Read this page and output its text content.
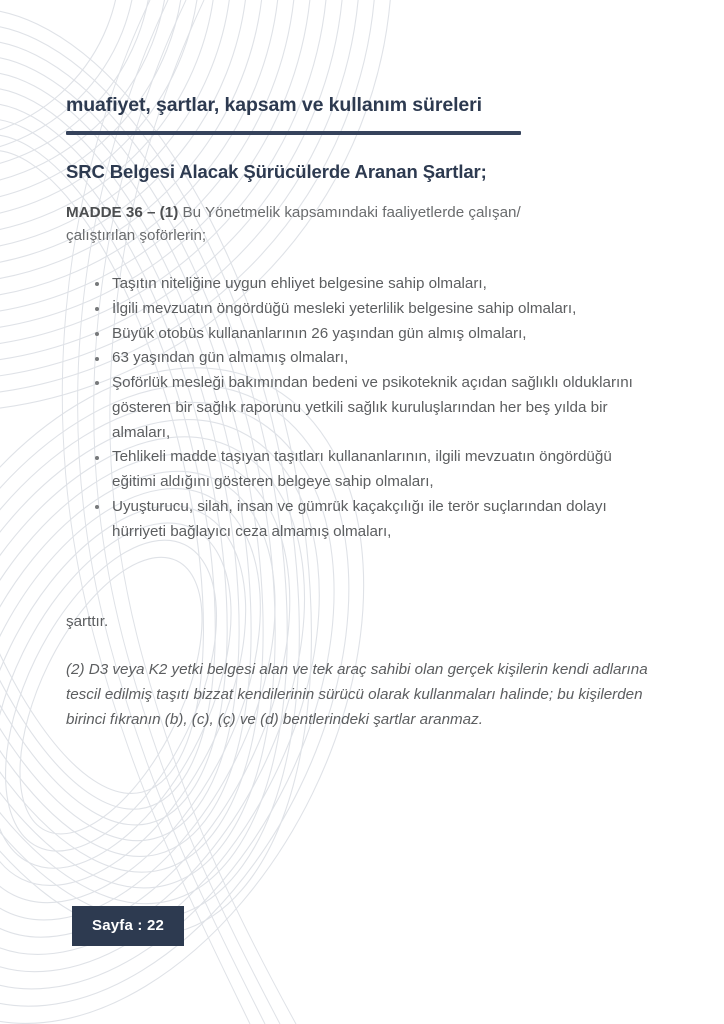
muafiyet, şartlar, kapsam ve kullanım süreleri
SRC Belgesi Alacak Şürücülerde Aranan Şartlar;

MADDE 36 – (1) Bu Yönetmelik kapsamındaki faaliyetlerde çalışan/ çalıştırılan şoförlerin;

Taşıtın niteliğine uygun ehliyet belgesine sahip olmaları,
İlgili mevzuatın öngördüğü mesleki yeterlilik belgesine sahip olmaları,
Büyük otobüs kullananlarının 26 yaşından gün almış olmaları,
63 yaşından gün almamış olmaları,
Şoförlük mesleği bakımından bedeni ve psikoteknik açıdan sağlıklı olduklarını gösteren bir sağlık raporunu yetkili sağlık kuruluşlarından her beş yılda bir almaları,
Tehlikeli madde taşıyan taşıtları kullananlarının, ilgili mevzuatın öngördüğü eğitimi aldığını gösteren belgeye sahip olmaları,
Uyuşturucu, silah, insan ve gümrük kaçakçılığı ile terör suçlarından dolayı hürriyeti bağlayıcı ceza almamış olmaları,

şarttır.

(2) D3 veya K2 yetki belgesi alan ve tek araç sahibi olan gerçek kişilerin kendi adlarına tescil edilmiş taşıtı bizzat kendilerinin sürücü olarak kullanmaları halinde; bu kişilerden birinci fıkranın (b), (c), (ç) ve (d) bentlerindeki şartlar aranmaz.

Sayfa : 22
